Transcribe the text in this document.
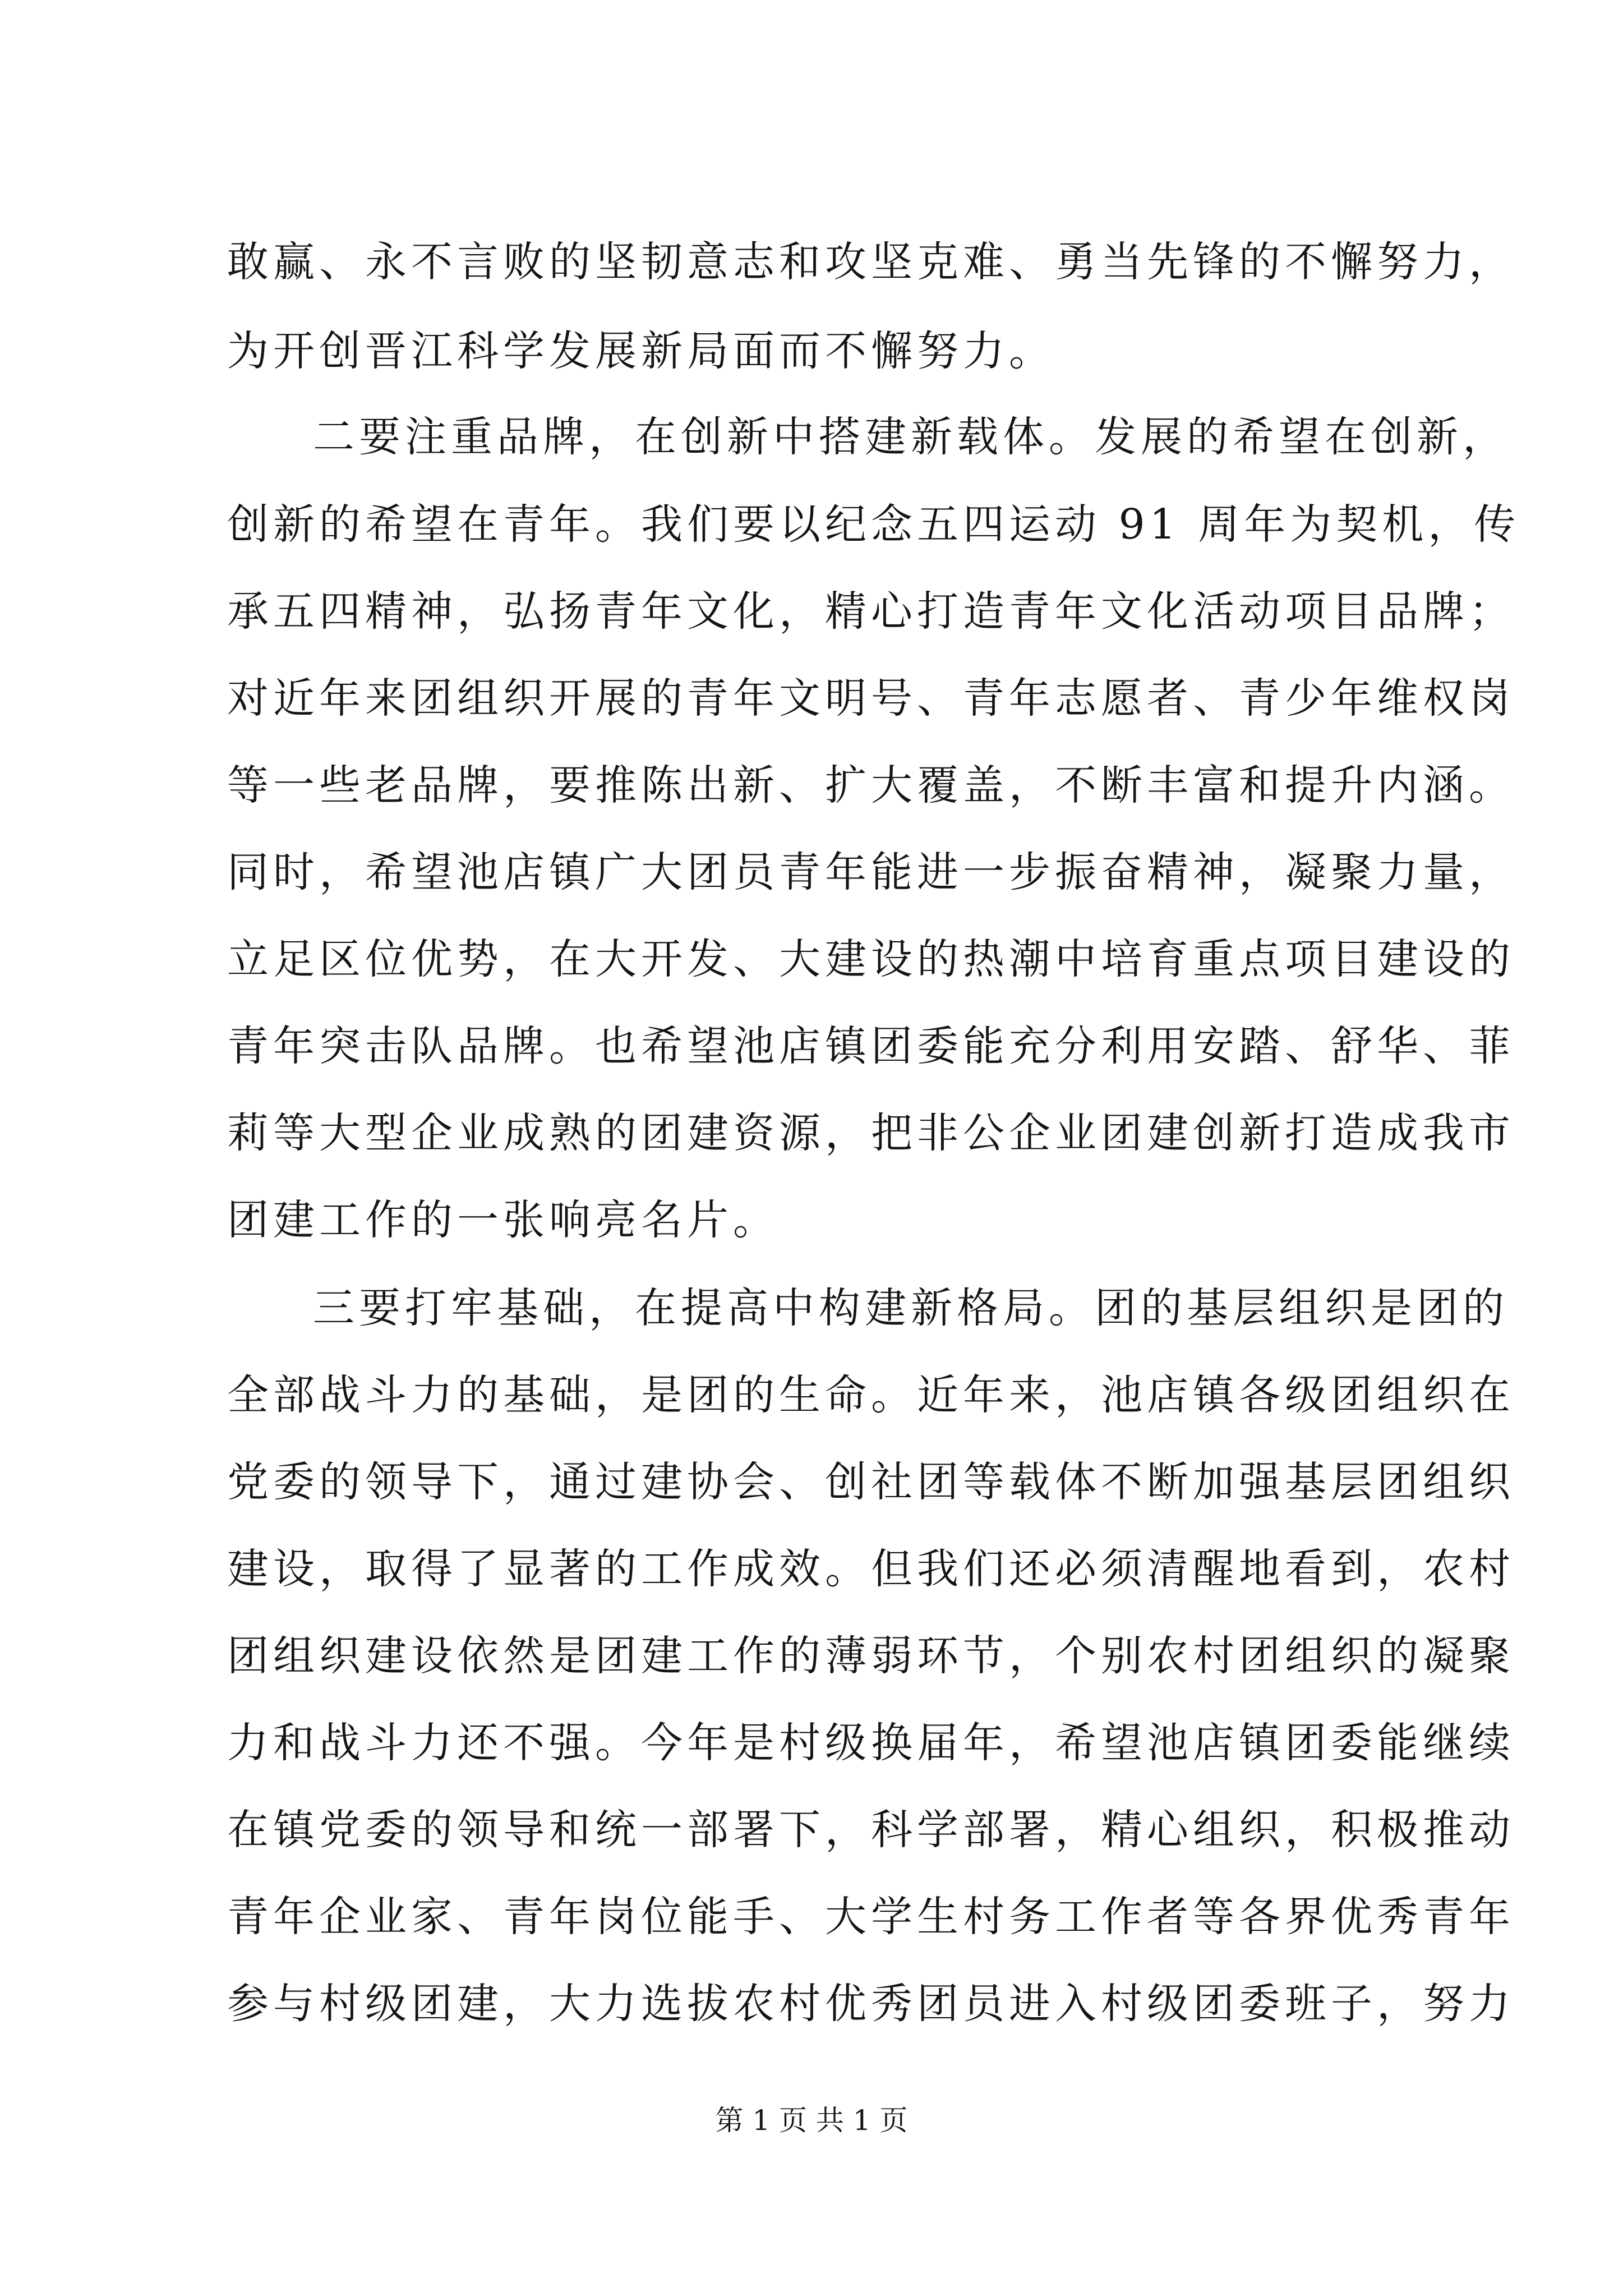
敢赢、永不言败的坚韧意志和攻坚克难、勇当先锋的不懈努力，

为开创晋江科学发展新局面而不懈努力。

二要注重品牌，在创新中搭建新载体。发展的希望在创新，

创新的希望在青年。我们要以纪念五四运动 91 周年为契机，传

承五四精神，弘扬青年文化，精心打造青年文化活动项目品牌；

对近年来团组织开展的青年文明号、青年志愿者、青少年维权岗

等一些老品牌，要推陈出新、扩大覆盖，不断丰富和提升内涵。

同时，希望池店镇广大团员青年能进一步振奋精神，凝聚力量，

立足区位优势，在大开发、大建设的热潮中培育重点项目建设的

青年突击队品牌。也希望池店镇团委能充分利用安踏、舒华、菲

莉等大型企业成熟的团建资源，把非公企业团建创新打造成我市

团建工作的一张响亮名片。

三要打牢基础，在提高中构建新格局。团的基层组织是团的

全部战斗力的基础，是团的生命。近年来，池店镇各级团组织在

党委的领导下，通过建协会、创社团等载体不断加强基层团组织

建设，取得了显著的工作成效。但我们还必须清醒地看到，农村

团组织建设依然是团建工作的薄弱环节，个别农村团组织的凝聚

力和战斗力还不强。今年是村级换届年，希望池店镇团委能继续

在镇党委的领导和统一部署下，科学部署，精心组织，积极推动

青年企业家、青年岗位能手、大学生村务工作者等各界优秀青年

参与村级团建，大力选拔农村优秀团员进入村级团委班子，努力

第 1 页 共 1 页
